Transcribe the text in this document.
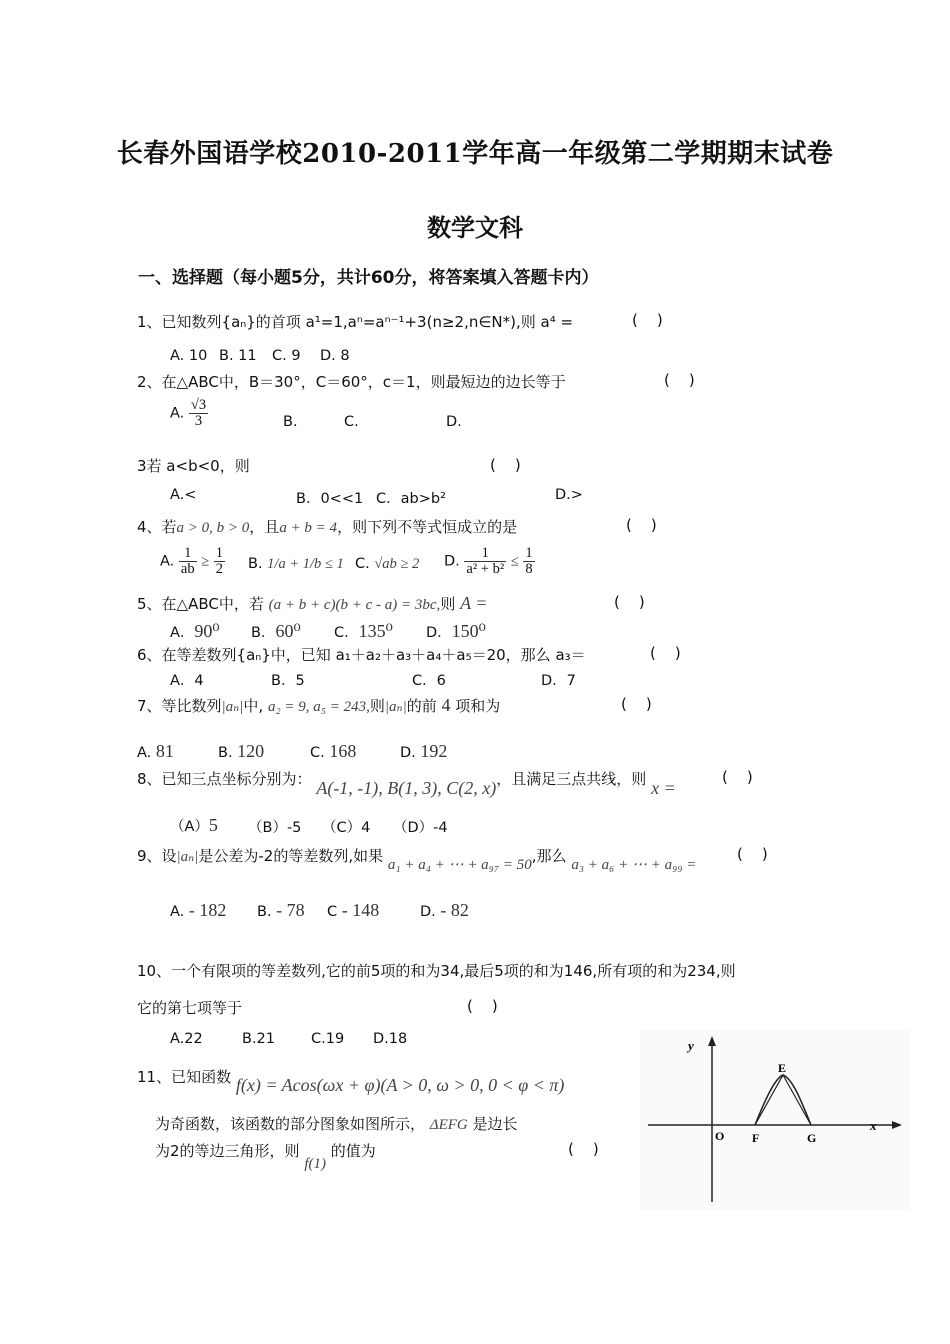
长春外国语学校2010-2011学年高一年级第二学期期末试卷
数学文科
一、选择题（每小题5分，共计60分，将答案填入答题卡内）
1、已知数列{aₙ}的首项 a¹=1,aⁿ=aⁿ⁻¹+3(n≥2,n∈N*),则 a⁴ =	(    )
A. 10 B. 11 C. 9 D. 8
2、在△ABC中，B＝30°，C＝60°，c＝1，则最短边的边长等于	(    )
A. $\frac{√3}{3}$	B.	C.	D.
3若 a<b<0，则	(    )
A.<	B．0<<1 C．ab>b²	D.>
4、若a > 0, b > 0，且a + b = 4，则下列不等式恒成立的是	(    )
A. $\frac{1}{ab} \ge \frac{1}{2} B$. 1/a + 1/b ≤ 1 C. √ab ≥ 2 D. $\frac{1}{\text{a² + b²}} \le \frac{1}{8}$
5、在△ABC中，若 (a + b + c)(b + c - a) = 3bc,则 A =	(    )
A．90⁰ B．60⁰ C．135⁰ D．150⁰
6、在等差数列{aₙ}中，已知 a₁＋a₂＋a₃＋a₄＋a₅＝20，那么 a₃＝	(    )
A．4	B．5	C．6	D．7
7、等比数列|aₙ|中, a₂ = 9, a₅ = 243,则|aₙ|的前 4 项和为	(    )
A. 81	B. 120	C. 168	D. 192
8、已知三点坐标分别为： A(-1, -1), B(1, 3), C(2, x)，且满足三点共线，则 x =
(    )
（A）5 （B）-5 （C）4 （D）-4
9、设|aₙ|是公差为-2的等差数列,如果 a₁ + a₄ + ⋯ + a₉₇ = 50,那么 a₃ + a₆ + ⋯ + a₉₉ =
(    )
A. - 182 B. - 78 C - 148	D. - 82
10、一个有限项的等差数列,它的前5项的和为34,最后5项的和为146,所有项的和为234,则
它的第七项等于	(    )
A.22	B.21 C.19 D.18
11、已知函数 f(x) = Acos(ωx + φ)(A > 0, ω > 0, 0 < φ < π)
为奇函数，该函数的部分图象如图所示， ΔEFG 是边长
为2的等边三角形，则 f(1) 的值为	(    )
y
x
O F
E
G
